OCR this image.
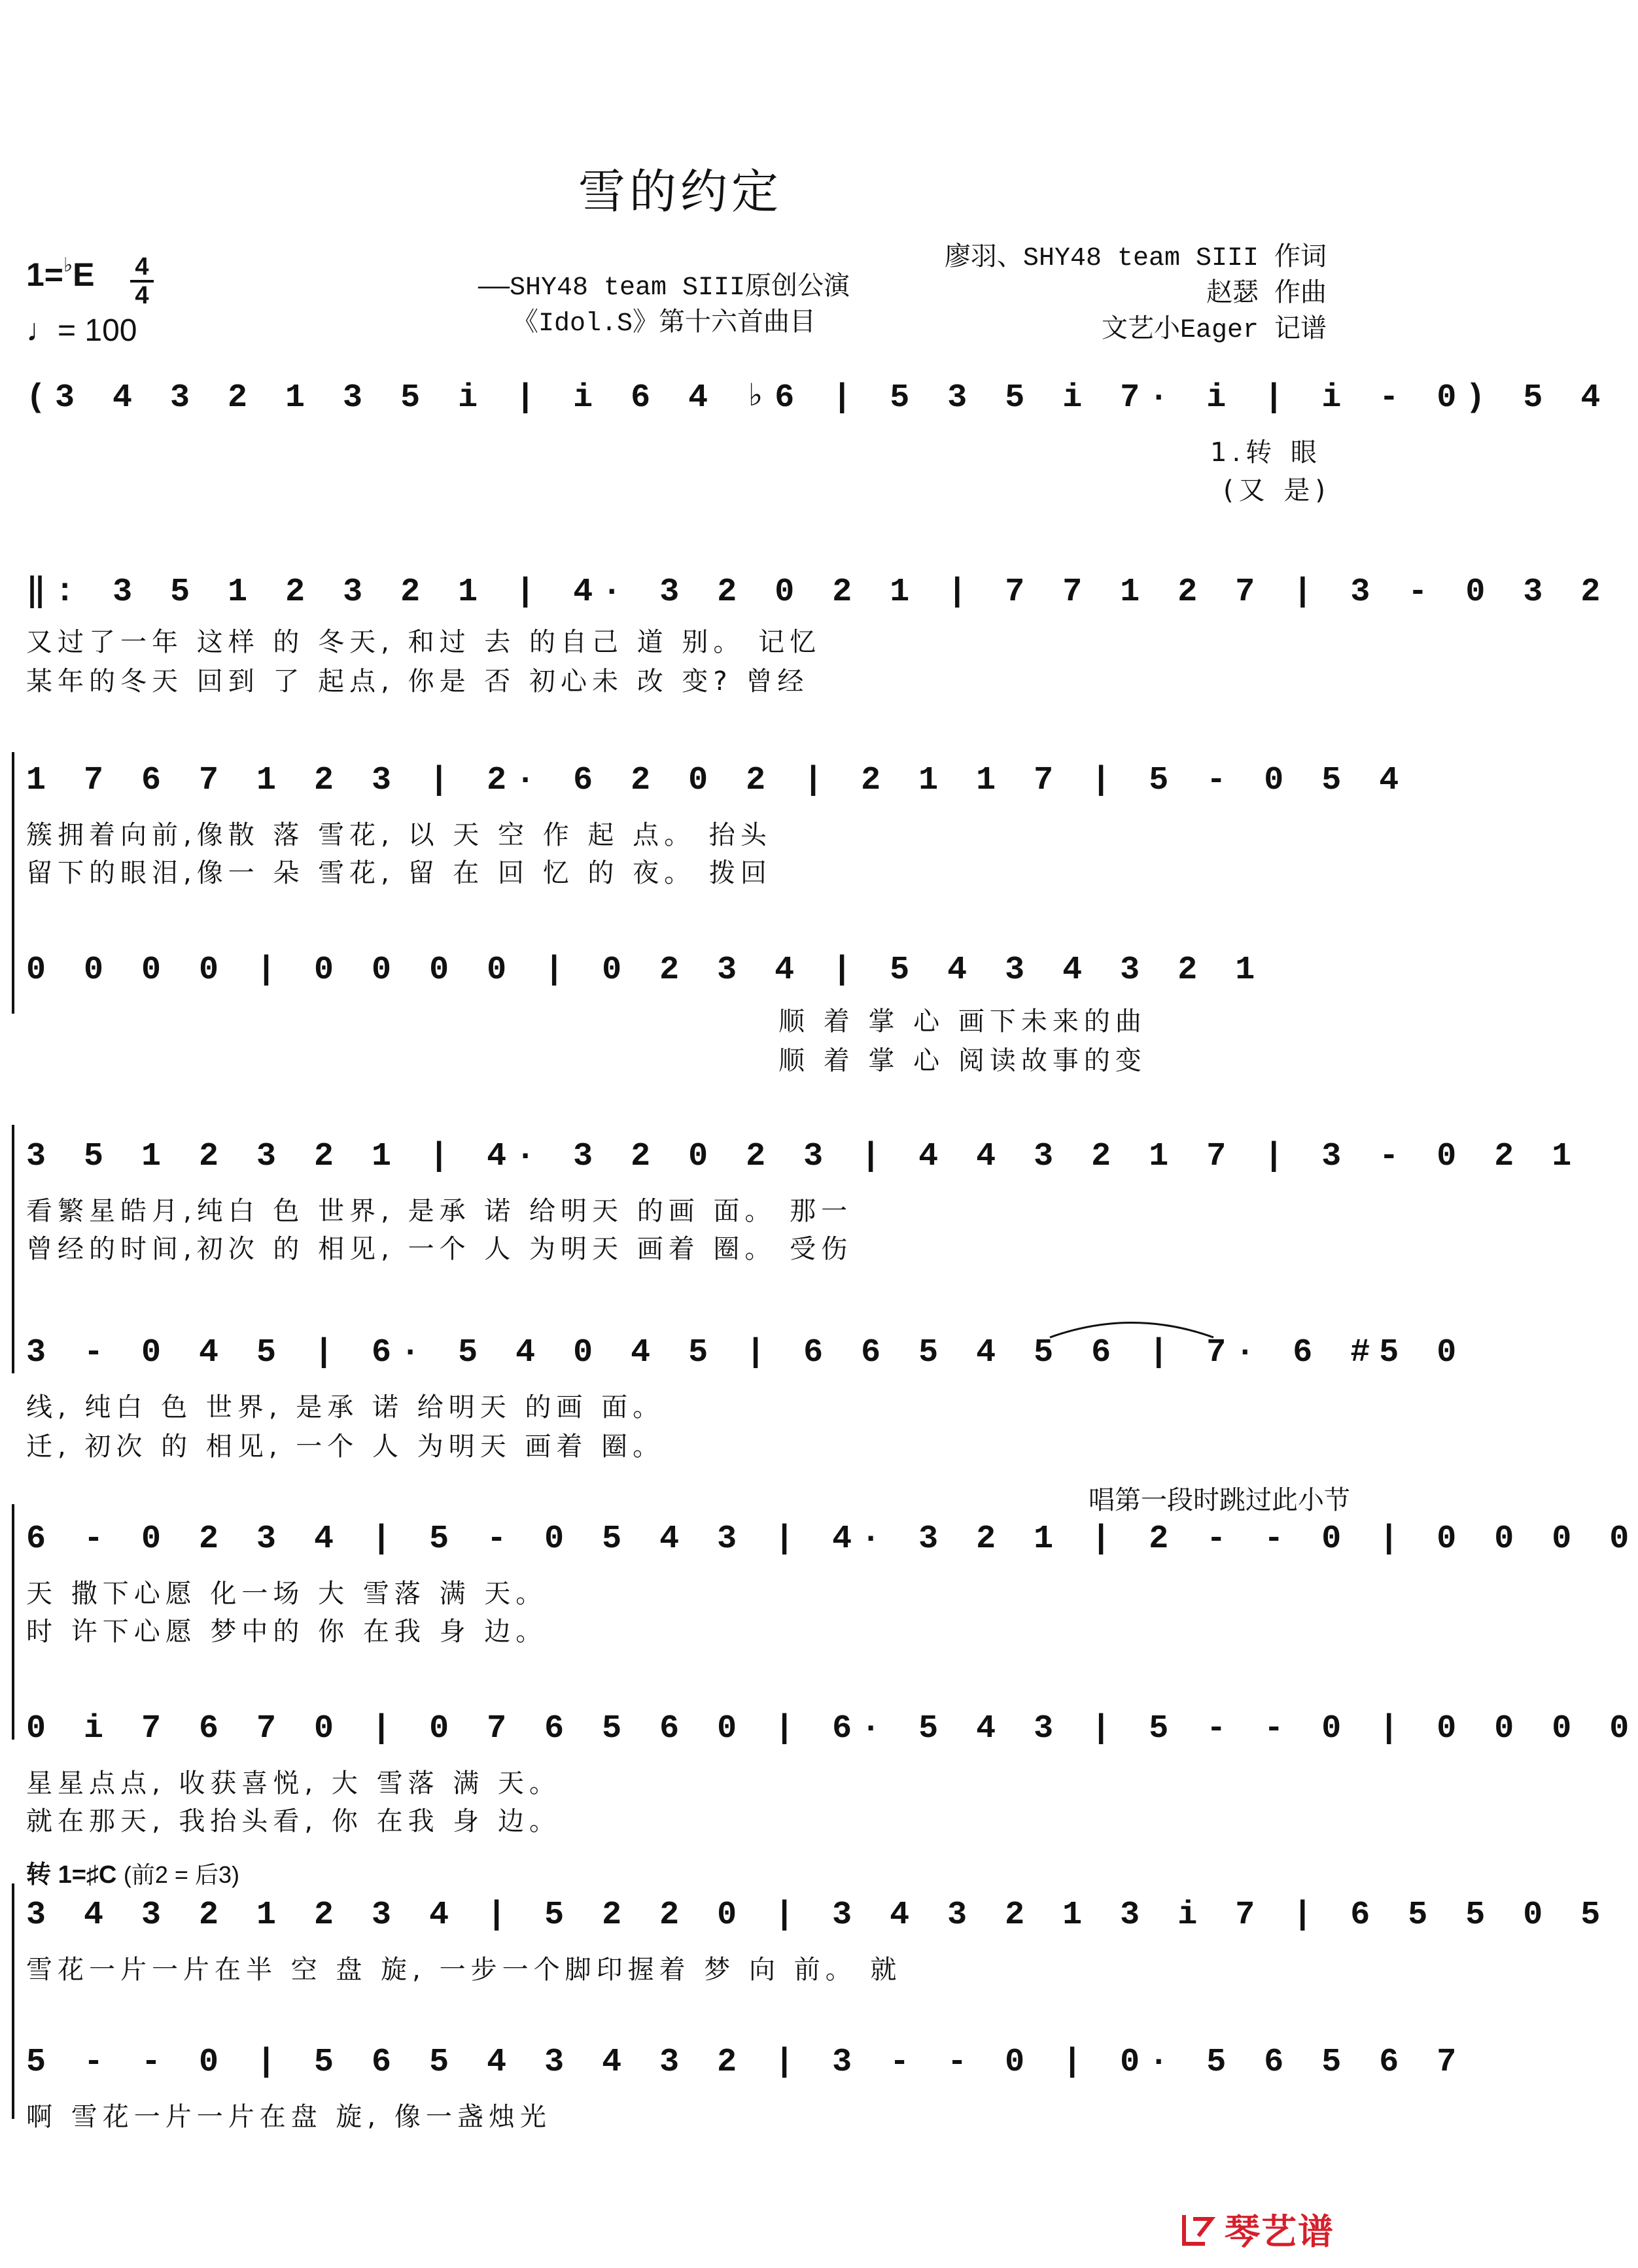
雪的约定
1=♭E 4
4
♩= 100
——SHY48 team SIII原创公演
《Idol.S》第十六首曲目
廖羽、SHY48 team SIII 作词
赵瑟 作曲
文艺小Eager 记谱
(3 4 3 2 1 3 5 i | i 6 4 ♭6 | 5 3 5 i 7· i | i - 0) 5 4
1.转 眼
(又 是)
‖: 3 5 1 2 3 2 1 | 4· 3 2 0 2 1 | 7 7 1 2 7 | 3 - 0 3 2
又过了一年 这样 的 冬天, 和过 去 的自己 道 别。 记忆
某年的冬天 回到 了 起点, 你是 否 初心未 改 变? 曾经
1 7 6 7 1 2 3 | 2· 6 2 0 2 | 2 1 1 7 | 5 - 0 5 4
簇拥着向前,像散 落 雪花, 以 天 空 作 起 点。 抬头
留下的眼泪,像一 朵 雪花, 留 在 回 忆 的 夜。 拨回
0 0 0 0 | 0 0 0 0 | 0 2 3 4 | 5 4 3 4 3 2 1
顺 着 掌 心 画下未来的曲
顺 着 掌 心 阅读故事的变
3 5 1 2 3 2 1 | 4· 3 2 0 2 3 | 4 4 3 2 1 7 | 3 - 0 2 1
看繁星皓月,纯白 色 世界, 是承 诺 给明天 的画 面。 那一
曾经的时间,初次 的 相见, 一个 人 为明天 画着 圈。 受伤
3 - 0 4 5 | 6· 5 4 0 4 5 | 6 6 5 4 5 6 | 7· 6 #5 0
线, 纯白 色 世界, 是承 诺 给明天 的画 面。
迁, 初次 的 相见, 一个 人 为明天 画着 圈。
唱第一段时跳过此小节
6 - 0 2 3 4 | 5 - 0 5 4 3 | 4· 3 2 1 | 2 - - 0 | 0 0 0 0
天 撒下心愿 化一场 大 雪落 满 天。
时 许下心愿 梦中的 你 在我 身 边。
0 i 7 6 7 0 | 0 7 6 5 6 0 | 6· 5 4 3 | 5 - - 0 | 0 0 0 0
星星点点, 收获喜悦, 大 雪落 满 天。
就在那天, 我抬头看, 你 在我 身 边。
转 1=♯C (前2 = 后3)
3 4 3 2 1 2 3 4 | 5 2 2 0 | 3 4 3 2 1 3 i 7 | 6 5 5 0 5
雪花一片一片在半 空 盘 旋, 一步一个脚印握着 梦 向 前。 就
5 - - 0 | 5 6 5 4 3 4 3 2 | 3 - - 0 | 0· 5 6 5 6 7
啊 雪花一片一片在盘 旋, 像一盏烛光
琴艺谱
